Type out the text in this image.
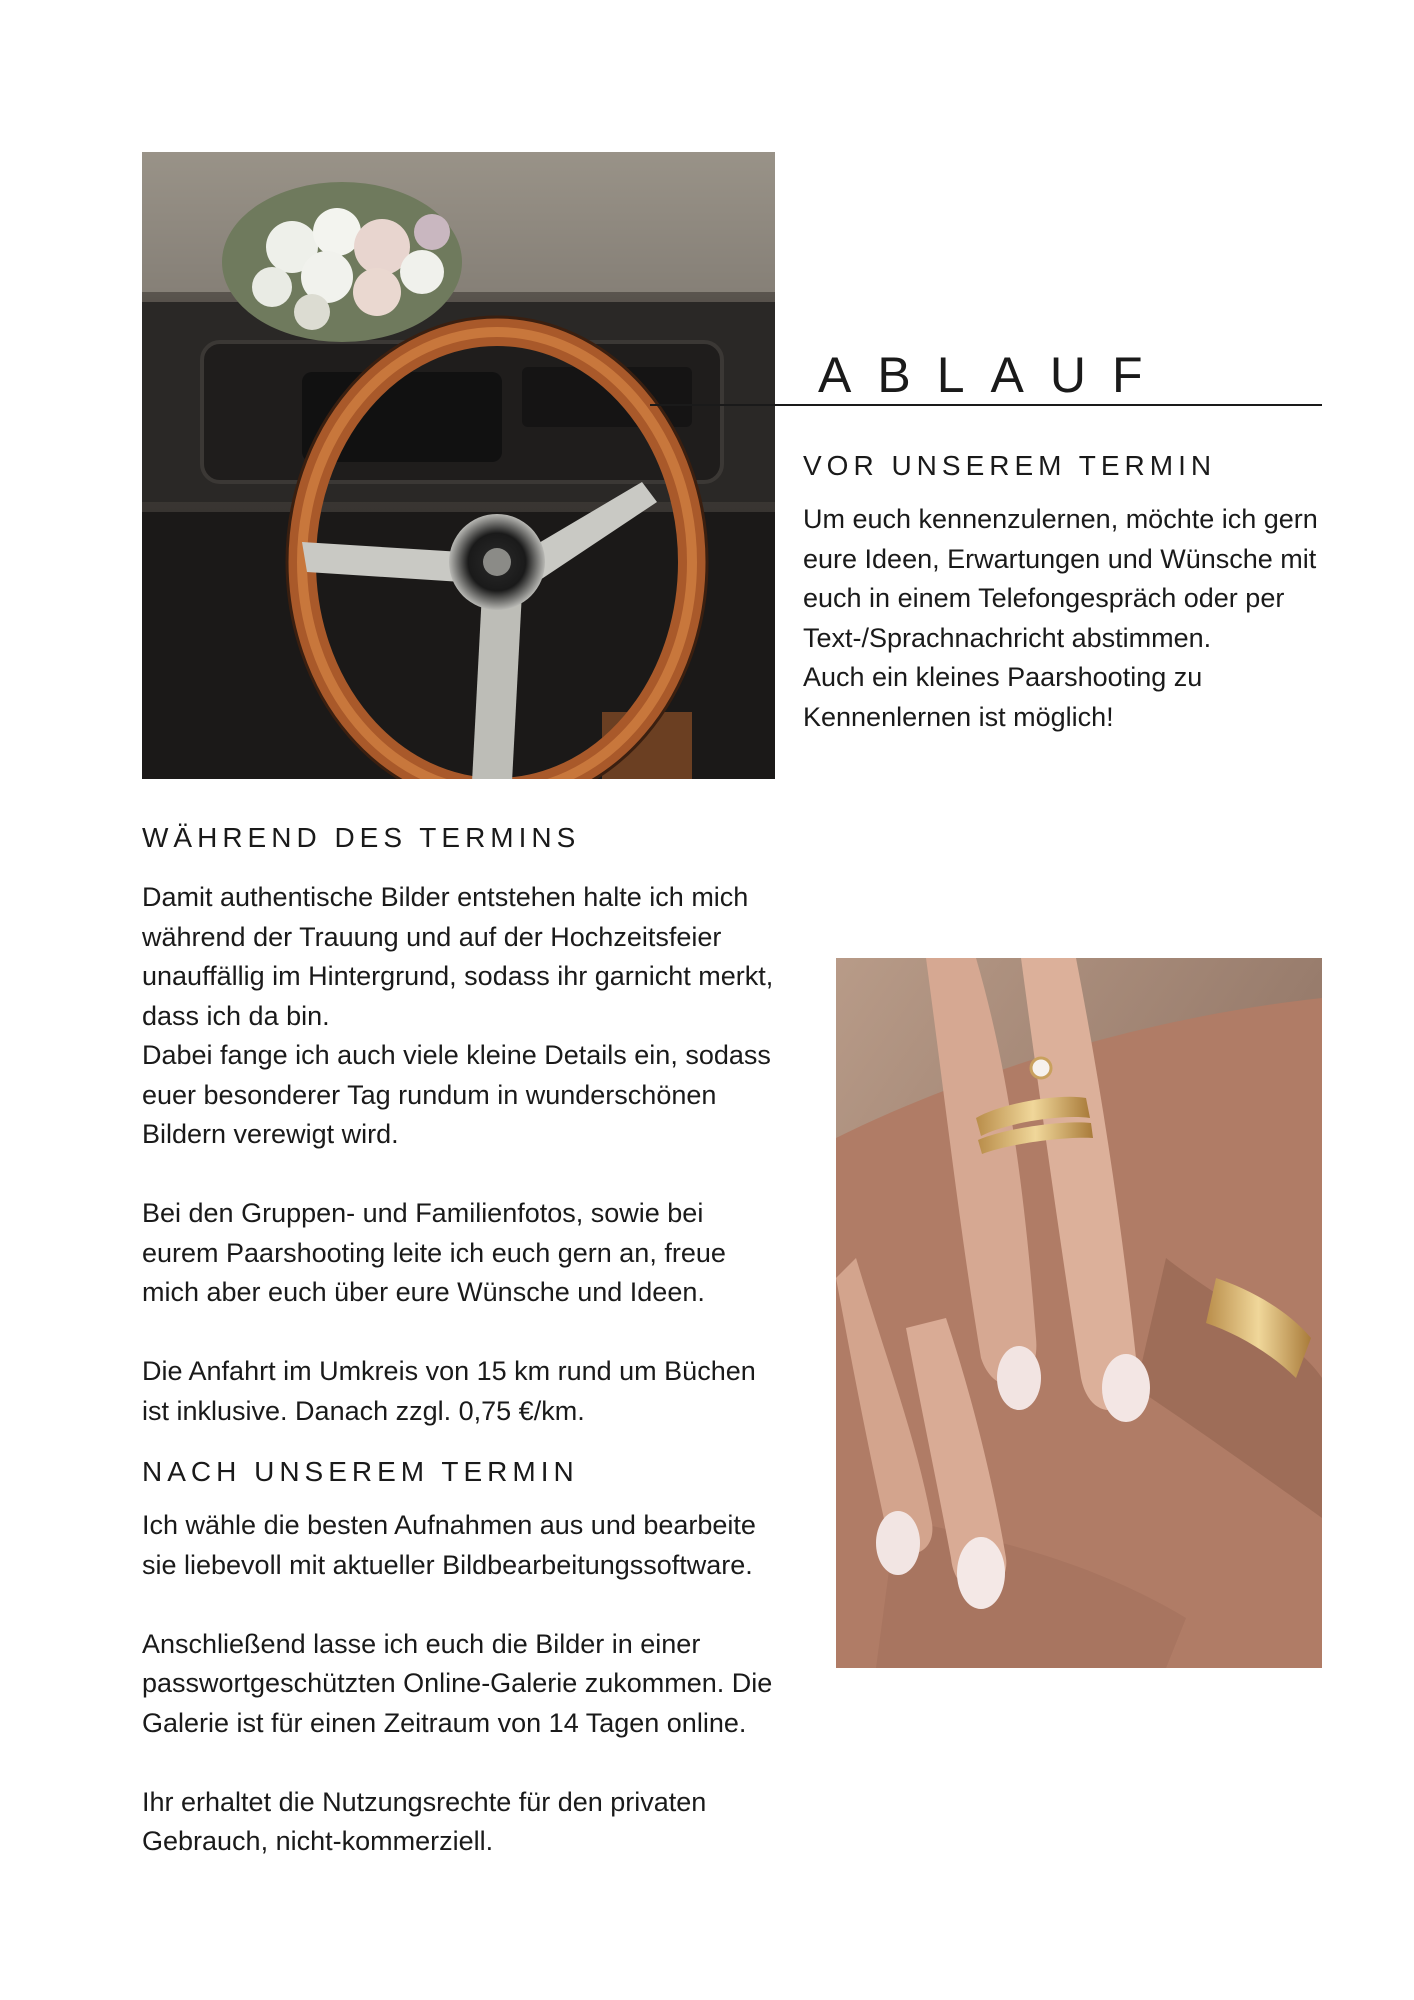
ABLAUF
VOR UNSEREM TERMIN

Um euch kennenzulernen, möchte ich gern

eure Ideen, Erwartungen und Wünsche mit

euch in einem Telefongespräch oder per

Text-/Sprachnachricht abstimmen.

Auch ein kleines Paarshooting zu

Kennenlernen ist möglich!

WÄHREND DES TERMINS

Damit authentische Bilder entstehen halte ich mich

während der Trauung und auf der Hochzeitsfeier

unauffällig im Hintergrund, sodass ihr garnicht merkt,

dass ich da bin.

Dabei fange ich auch viele kleine Details ein, sodass

euer besonderer Tag rundum in wunderschönen

Bildern verewigt wird.

Bei den Gruppen- und Familienfotos, sowie bei

eurem Paarshooting leite ich euch gern an, freue

mich aber euch über eure Wünsche und Ideen.

Die Anfahrt im Umkreis von 15 km rund um Büchen

ist inklusive. Danach zzgl. 0,75 €/km.

NACH UNSEREM TERMIN

Ich wähle die besten Aufnahmen aus und bearbeite

sie liebevoll mit aktueller Bildbearbeitungssoftware.

Anschließend lasse ich euch die Bilder in einer

passwortgeschützten Online-Galerie zukommen. Die

Galerie ist für einen Zeitraum von 14 Tagen online.

Ihr erhaltet die Nutzungsrechte für den privaten

Gebrauch, nicht-kommerziell.
